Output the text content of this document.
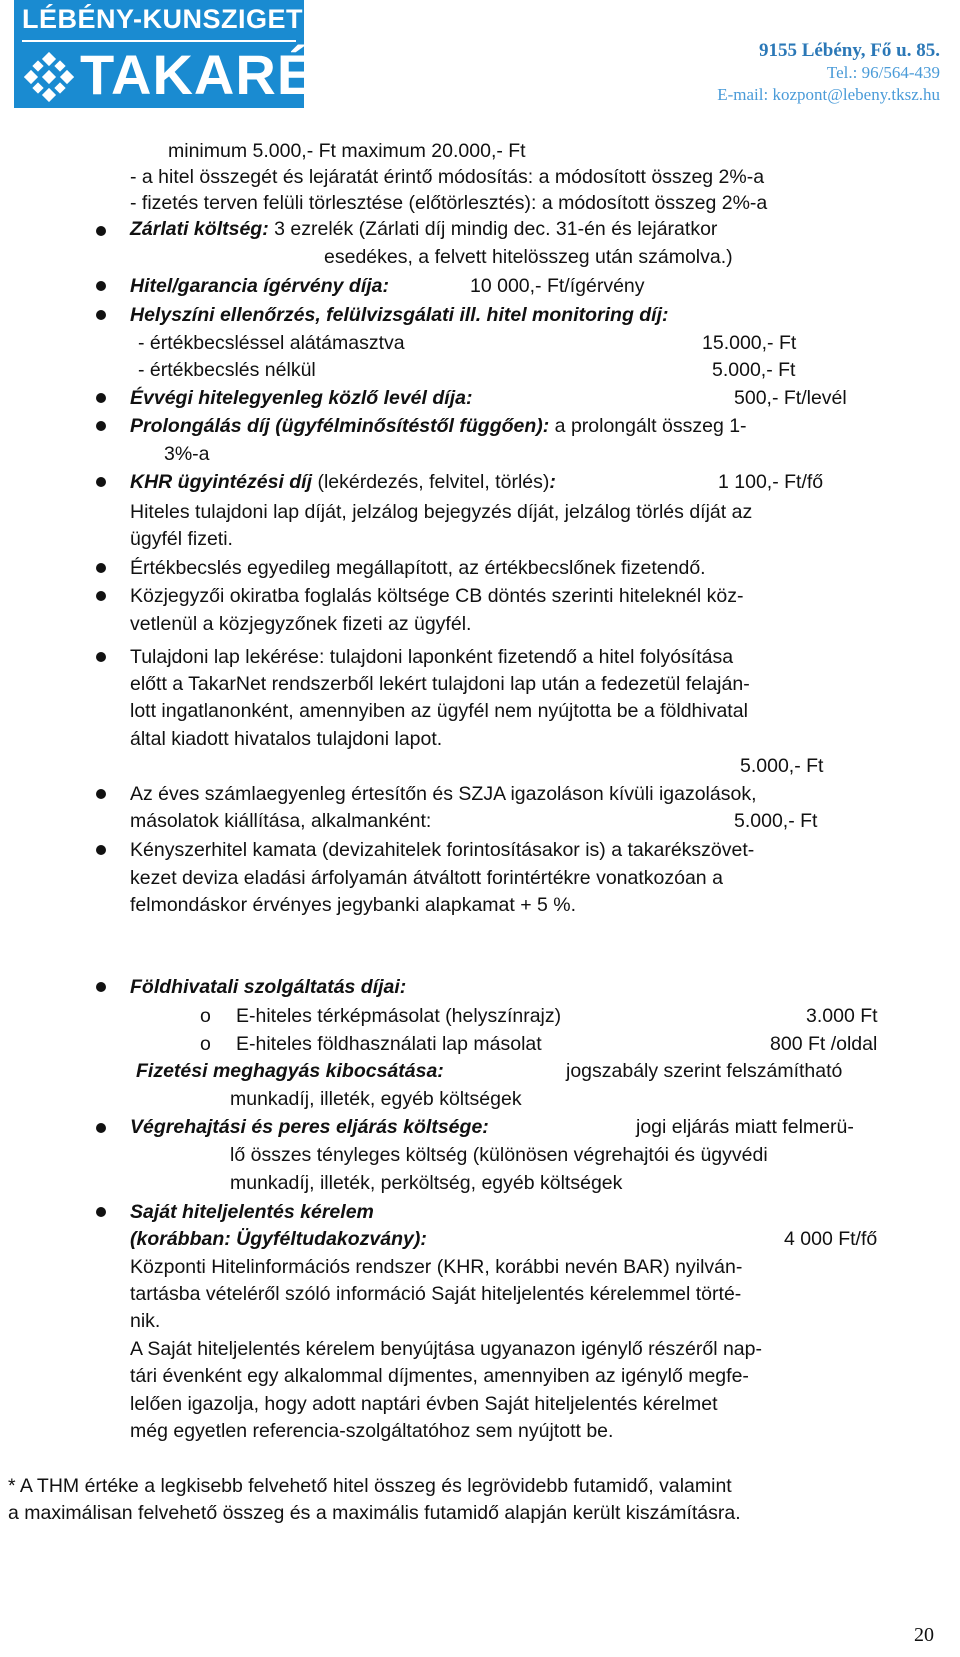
LÉBÉNY-KUNSZIGET
TAKARÉK	9155 Lébény, Fő u. 85.
Tel.: 96/564-439
E-mail: kozpont@lebeny.tksz.hu
minimum 5.000,- Ft maximum 20.000,- Ft
- a hitel összegét és lejáratát érintő módosítás: a módosított összeg 2%-a
- fizetés terven felüli törlesztése (előtörlesztés): a módosított összeg 2%-a
Zárlati költség: 3 ezrelék (Zárlati díj mindig dec. 31-én és lejáratkor
esedékes, a felvett hitelösszeg után számolva.)
Hitel/garancia ígérvény díja:	10 000,- Ft/ígérvény
Helyszíni ellenőrzés, felülvizsgálati ill. hitel monitoring díj:
- értékbecsléssel alátámasztva	15.000,- Ft
- értékbecslés nélkül	5.000,- Ft
Évvégi hitelegyenleg közlő levél díja:	500,- Ft/levél
Prolongálás díj (ügyfélminősítéstől függően): a prolongált összeg 1-
3%-a
KHR ügyintézési díj (lekérdezés, felvitel, törlés):	1 100,- Ft/fő
Hiteles tulajdoni lap díját, jelzálog bejegyzés díját, jelzálog törlés díját az
ügyfél fizeti.
Értékbecslés egyedileg megállapított, az értékbecslőnek fizetendő.
Közjegyzői okiratba foglalás költsége CB döntés szerinti hiteleknél köz-
vetlenül a közjegyzőnek fizeti az ügyfél.
Tulajdoni lap lekérése: tulajdoni laponként fizetendő a hitel folyósítása
előtt a TakarNet rendszerből lekért tulajdoni lap után a fedezetül felaján-
lott ingatlanonként, amennyiben az ügyfél nem nyújtotta be a földhivatal
által kiadott hivatalos tulajdoni lapot.
5.000,- Ft
Az éves számlaegyenleg értesítőn és SZJA igazoláson kívüli igazolások,
másolatok kiállítása, alkalmanként:	5.000,- Ft
Kényszerhitel kamata (devizahitelek forintosításakor is) a takarékszövet-
kezet deviza eladási árfolyamán átváltott forintértékre vonatkozóan a
felmondáskor érvényes jegybanki alapkamat + 5 %.
Földhivatali szolgáltatás díjai:
o E-hiteles térképmásolat (helyszínrajz)	3.000 Ft
o E-hiteles földhasználati lap másolat	800 Ft /oldal
Fizetési meghagyás kibocsátása:	jogszabály szerint felszámítható
munkadíj, illeték, egyéb költségek
Végrehajtási és peres eljárás költsége:	jogi eljárás miatt felmerü-
lő összes tényleges költség (különösen végrehajtói és ügyvédi
munkadíj, illeték, perköltség, egyéb költségek
Saját hiteljelentés kérelem
(korábban: Ügyféltudakozvány):	4 000 Ft/fő
Központi Hitelinformációs rendszer (KHR, korábbi nevén BAR) nyilván-
tartásba vételéről szóló információ Saját hiteljelentés kérelemmel törté-
nik.
A Saját hiteljelentés kérelem benyújtása ugyanazon igénylő részéről nap-
tári évenként egy alkalommal díjmentes, amennyiben az igénylő megfe-
lelően igazolja, hogy adott naptári évben Saját hiteljelentés kérelmet
még egyetlen referencia-szolgáltatóhoz sem nyújtott be.
* A THM értéke a legkisebb felvehető hitel összeg és legrövidebb futamidő, valamint
a maximálisan felvehető összeg és a maximális futamidő alapján került kiszámításra.
20
